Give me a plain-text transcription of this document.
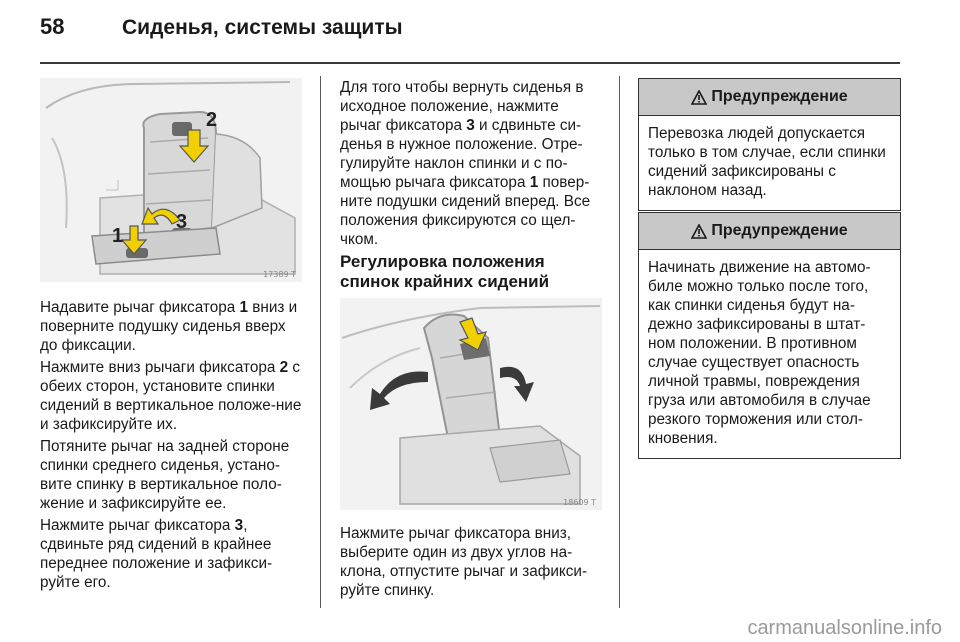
58	Сиденья, системы защиты
2
3
1
17389 T

Надавите рычаг фиксатора 1 вниз и поверните подушку сиденья вверх до фиксации.

Нажмите вниз рычаги фиксатора 2 с обеих сторон, установите спинки сидений в вертикальное положе-ние и зафиксируйте их.

Потяните рычаг на задней стороне спинки среднего сиденья, устано-вите спинку в вертикальное поло-жение и зафиксируйте ее.

Нажмите рычаг фиксатора 3, сдвиньте ряд сидений в крайнее переднее положение и зафикси-руйте его.

Для того чтобы вернуть сиденья в исходное положение, нажмите рычаг фиксатора 3 и сдвиньте си-денья в нужное положение. Отре-гулируйте наклон спинки и с по-мощью рычага фиксатора 1 повер-ните подушки сидений вперед. Все положения фиксируются со щел-чком.

Регулировка положения спинок крайних сидений
18609 T

Нажмите рычаг фиксатора вниз, выберите один из двух углов на-клона, отпустите рычаг и зафикси-руйте спинку.

Предупреждение
Перевозка людей допускается только в том случае, если спинки сидений зафиксированы с наклоном назад.
Предупреждение
Начинать движение на автомо-биле можно только после того, как спинки сиденья будут на-дежно зафиксированы в штат-ном положении. В противном случае существует опасность личной травмы, повреждения груза или автомобиля в случае резкого торможения или стол-кновения.
carmanualsonline.info
